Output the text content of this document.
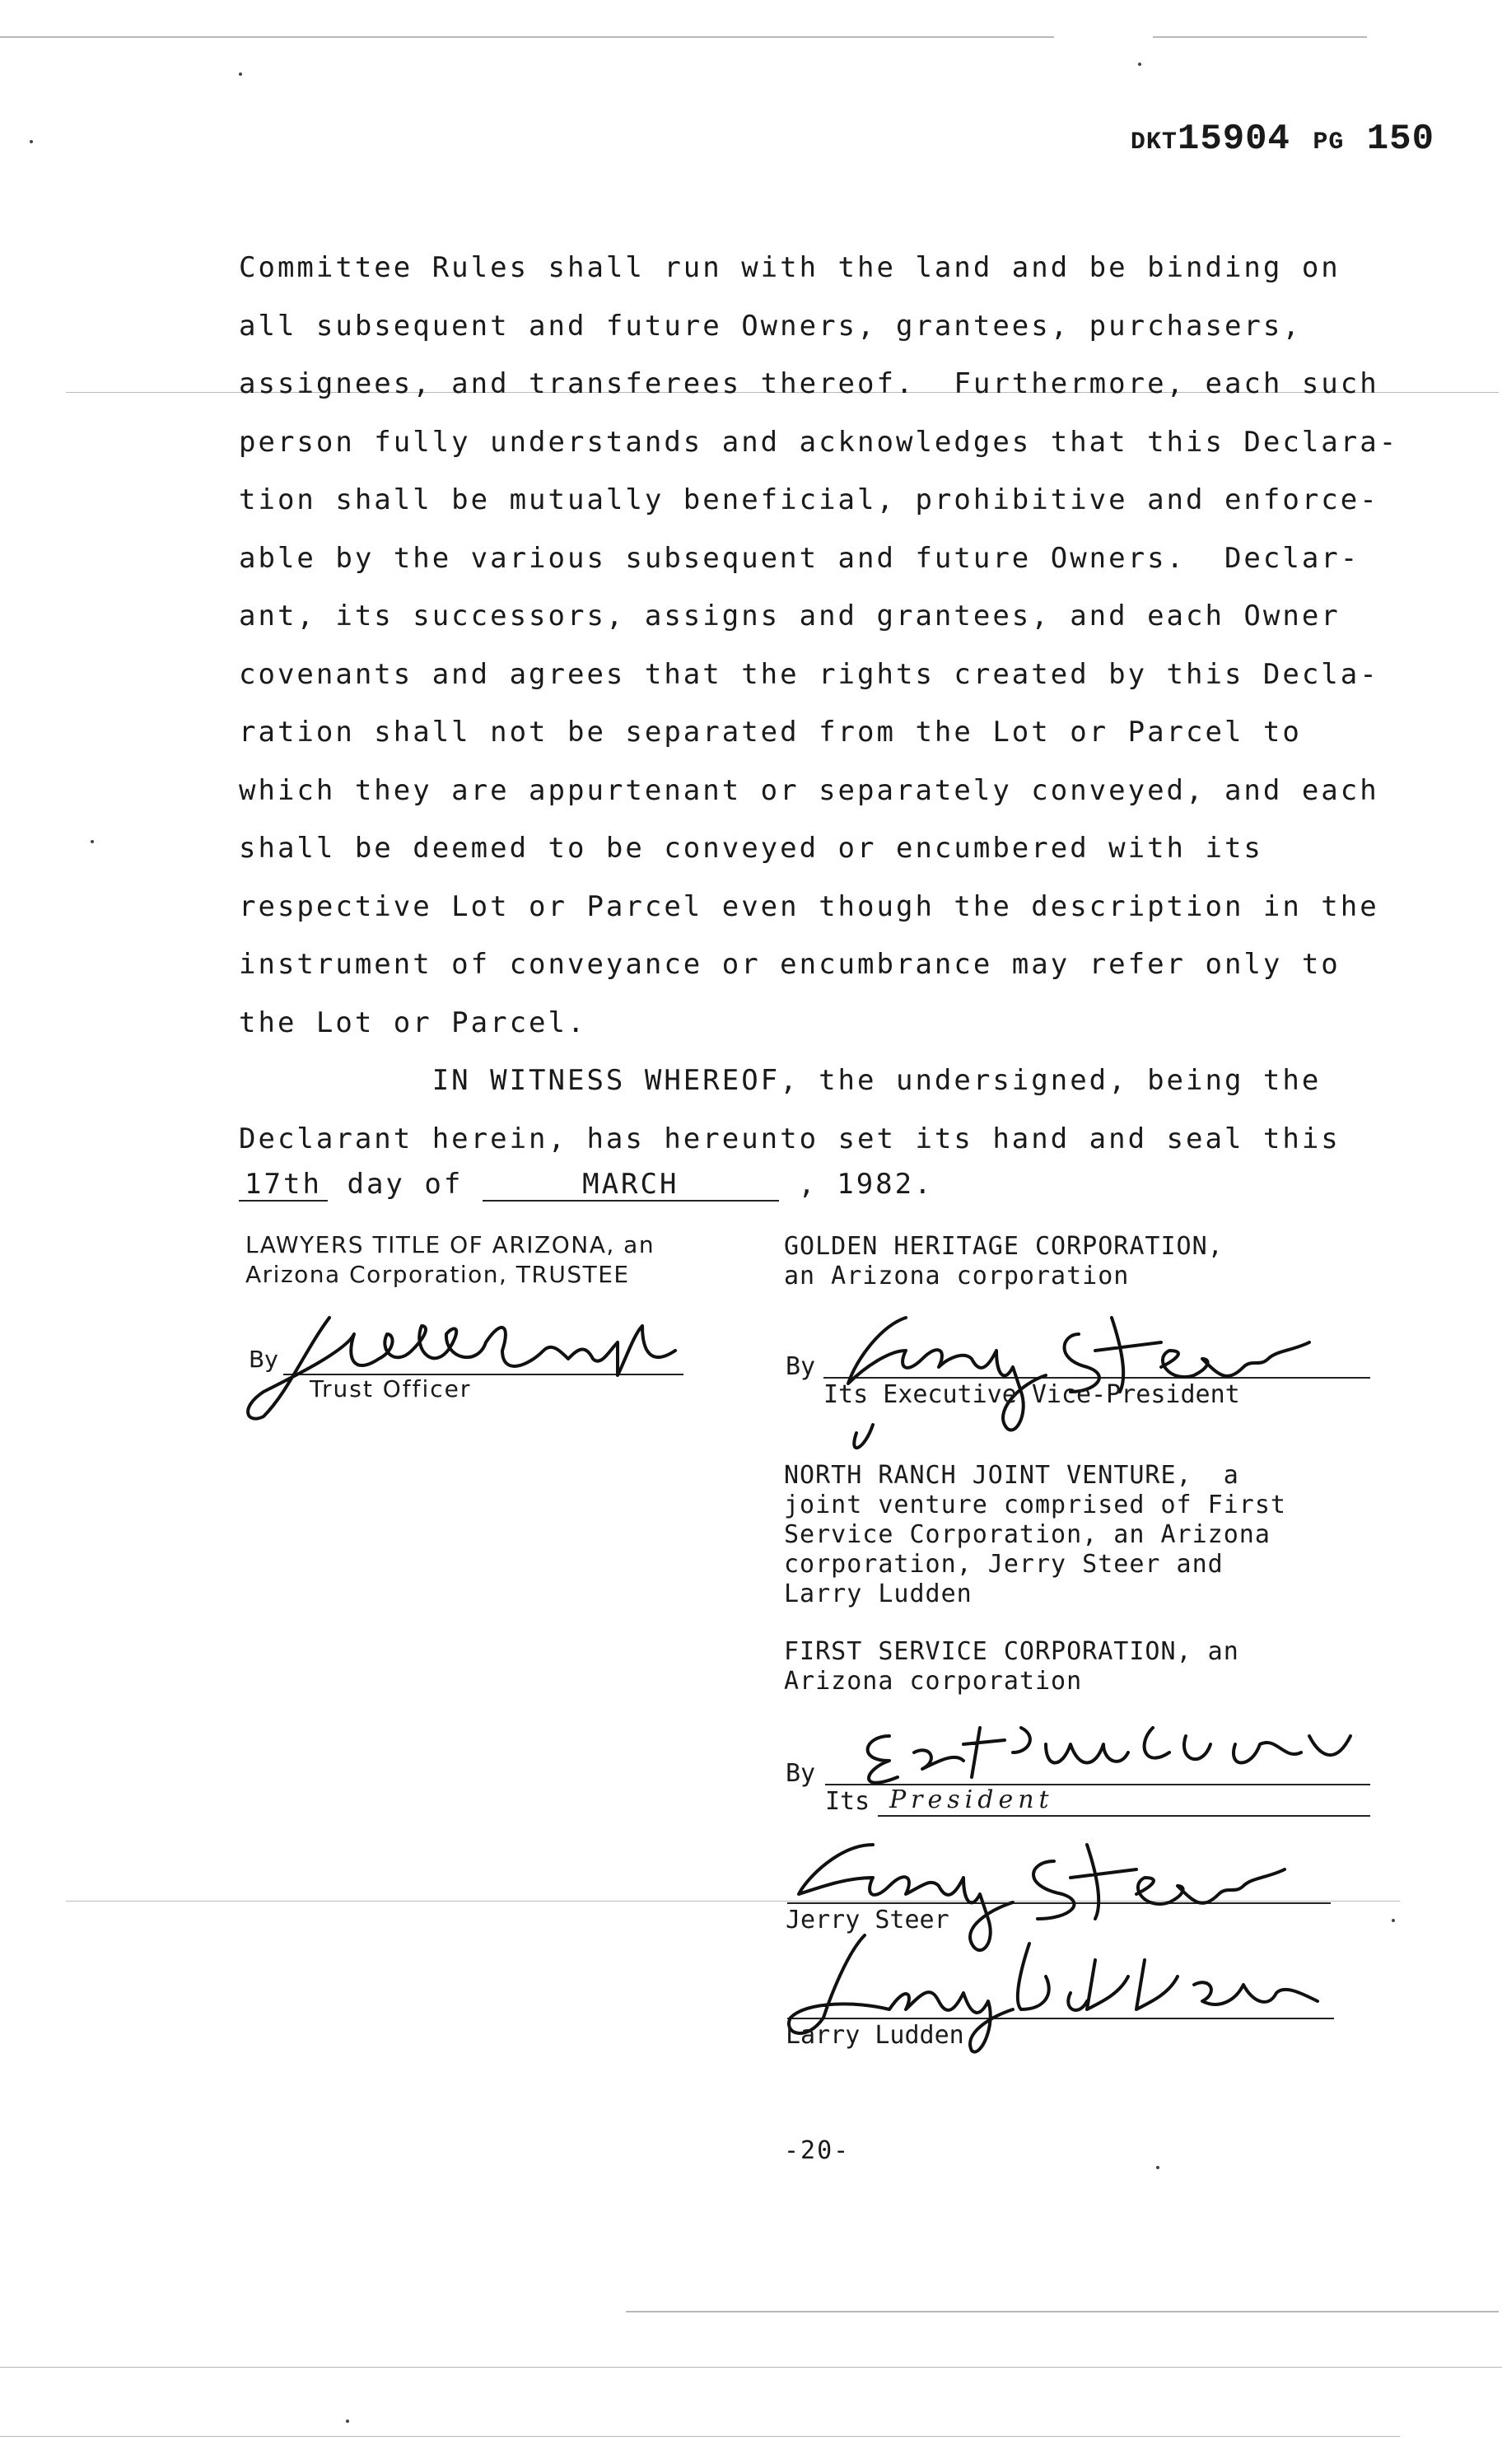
DKT15904 PG 150
Committee Rules shall run with the land and be binding on
all subsequent and future Owners, grantees, purchasers,
assignees, and transferees thereof.  Furthermore, each such
person fully understands and acknowledges that this Declara-
tion shall be mutually beneficial, prohibitive and enforce-
able by the various subsequent and future Owners.  Declar-
ant, its successors, assigns and grantees, and each Owner
covenants and agrees that the rights created by this Decla-
ration shall not be separated from the Lot or Parcel to
which they are appurtenant or separately conveyed, and each
shall be deemed to be conveyed or encumbered with its
respective Lot or Parcel even though the description in the
instrument of conveyance or encumbrance may refer only to
the Lot or Parcel.
IN WITNESS WHEREOF, the undersigned, being the
Declarant herein, has hereunto set its hand and seal this
17th day of	MARCH	, 1982.
LAWYERS TITLE OF ARIZONA, an
Arizona Corporation, TRUSTEE
By
Trust Officer
GOLDEN HERITAGE CORPORATION,
an Arizona corporation
By
Its Executive Vice-President
NORTH RANCH JOINT VENTURE,  a
joint venture comprised of First
Service Corporation, an Arizona
corporation, Jerry Steer and
Larry Ludden
FIRST SERVICE CORPORATION, an
Arizona corporation
By
Its President
Jerry Steer
Larry Ludden
-20-
